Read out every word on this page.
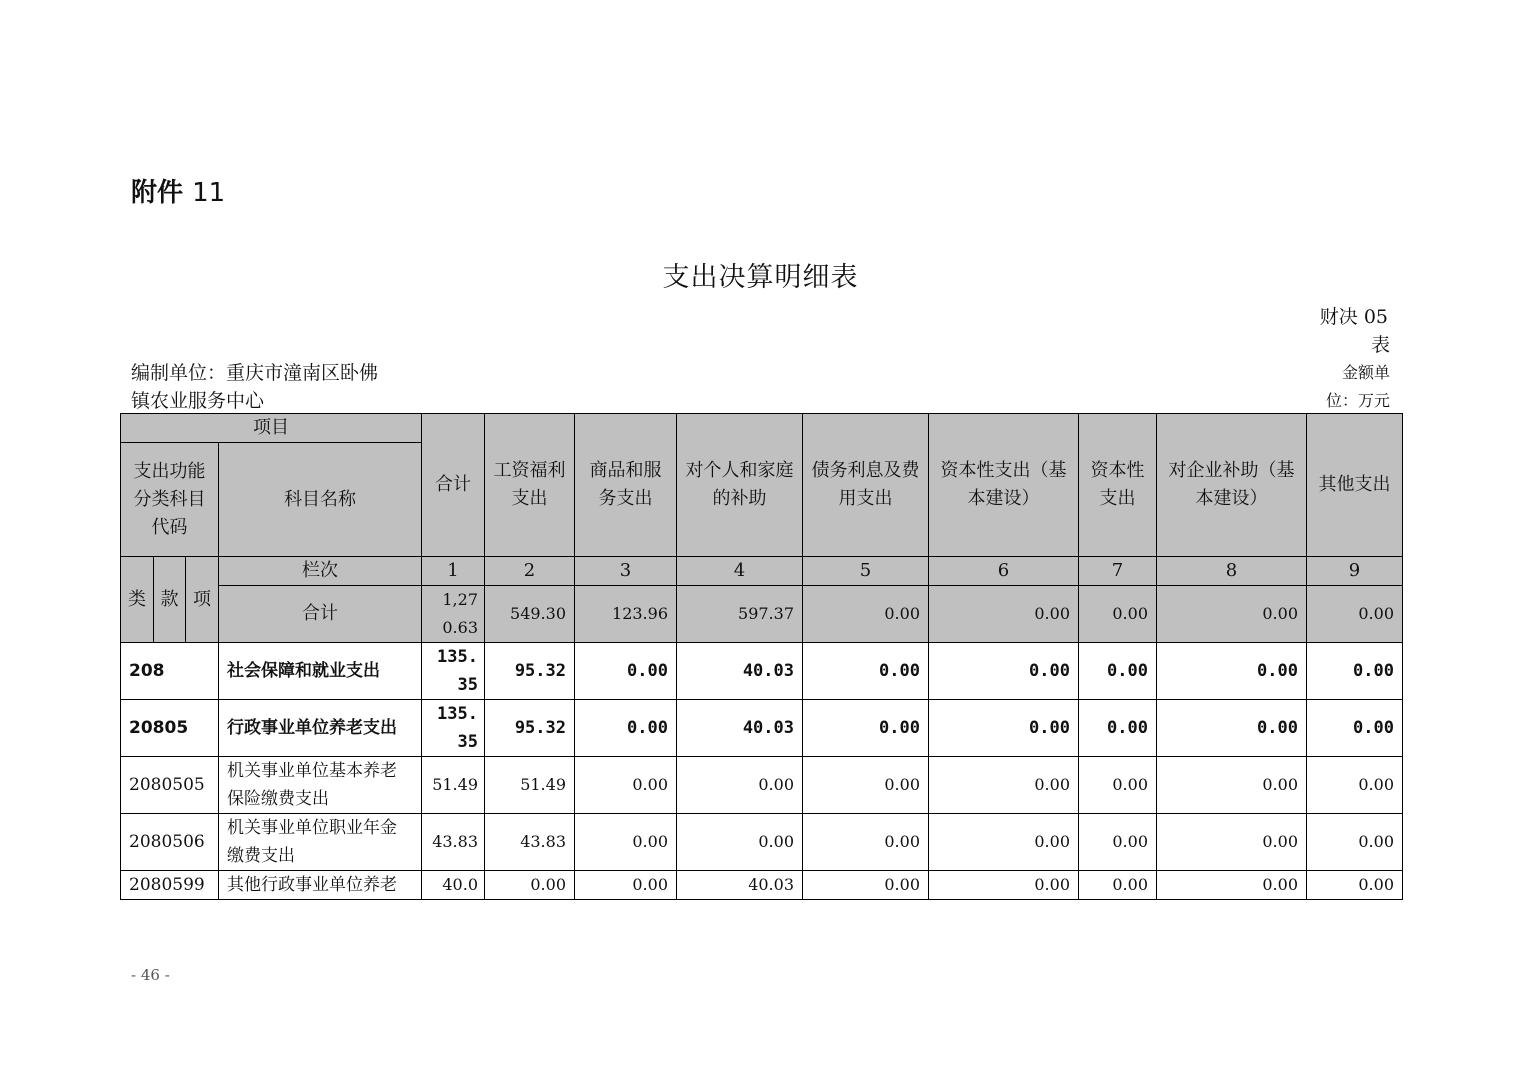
附件 11
支出决算明细表
财决 05
表
编制单位：重庆市潼南区卧佛
镇农业服务中心
金额单
位：万元
项目				合计	工资福利支出	商品和服务支出	对个人和家庭的补助	债务利息及费用支出	资本性支出（基本建设）	资本性支出	对企业补助（基本建设）	其他支出
支出功能分类科目代码			科目名称									
类	款	项	栏次	1	2	3	4	5	6	7	8	9
			合计	1,270.63	549.30	123.96	597.37	0.00	0.00	0.00	0.00	0.00
208			社会保障和就业支出	135.35	95.32	0.00	40.03	0.00	0.00	0.00	0.00	0.00
20805			行政事业单位养老支出	135.35	95.32	0.00	40.03	0.00	0.00	0.00	0.00	0.00
2080505			机关事业单位基本养老保险缴费支出	51.49	51.49	0.00	0.00	0.00	0.00	0.00	0.00	0.00
2080506			机关事业单位职业年金缴费支出	43.83	43.83	0.00	0.00	0.00	0.00	0.00	0.00	0.00
2080599			其他行政事业单位养老	40.0	0.00	0.00	40.03	0.00	0.00	0.00	0.00	0.00
- 46 -
